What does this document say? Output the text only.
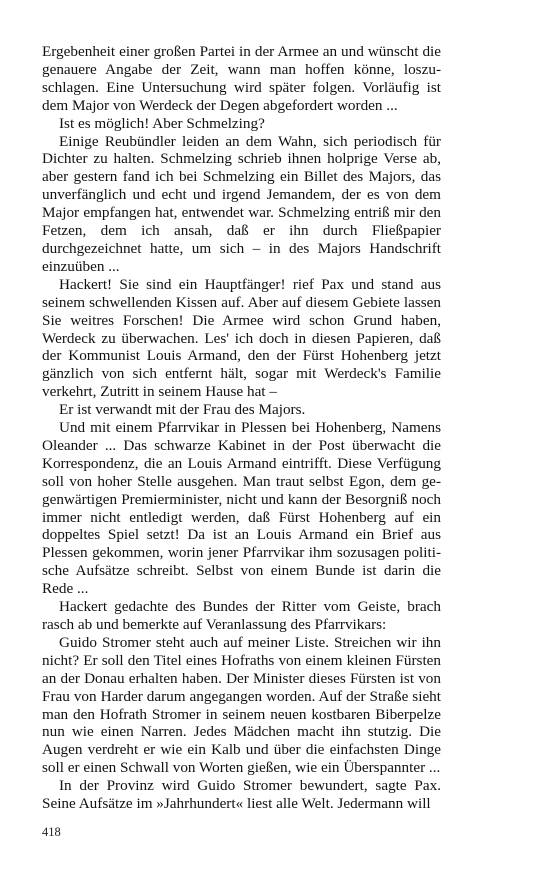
Ergebenheit einer großen Partei in der Armee an und wünscht die genauere Angabe der Zeit, wann man hoffen könne, loszuschlagen. Eine Untersuchung wird später folgen. Vorläufig ist dem Major von Werdeck der Degen abgefordert worden ...

Ist es möglich! Aber Schmelzing?

Einige Reubündler leiden an dem Wahn, sich periodisch für Dichter zu halten. Schmelzing schrieb ihnen holprige Verse ab, aber gestern fand ich bei Schmelzing ein Billet des Majors, das unverfänglich und echt und irgend Jemandem, der es von dem Major empfangen hat, entwendet war. Schmelzing entriß mir den Fetzen, dem ich ansah, daß er ihn durch Fließpapier durchgezeichnet hatte, um sich – in des Majors Handschrift einzuüben ...

Hackert! Sie sind ein Hauptfänger! rief Pax und stand aus seinem schwellenden Kissen auf. Aber auf diesem Gebiete lassen Sie weitres Forschen! Die Armee wird schon Grund haben, Werdeck zu überwachen. Les' ich doch in diesen Papieren, daß der Kommunist Louis Armand, den der Fürst Hohenberg jetzt gänzlich von sich entfernt hält, sogar mit Werdeck's Familie verkehrt, Zutritt in seinem Hause hat –

Er ist verwandt mit der Frau des Majors.

Und mit einem Pfarrvikar in Plessen bei Hohenberg, Namens Oleander ... Das schwarze Kabinet in der Post überwacht die Korrespondenz, die an Louis Armand eintrifft. Diese Verfügung soll von hoher Stelle ausgehen. Man traut selbst Egon, dem gegenwärtigen Premierminister, nicht und kann der Besorgniß noch immer nicht entledigt werden, daß Fürst Hohenberg auf ein doppeltes Spiel setzt! Da ist an Louis Armand ein Brief aus Plessen gekommen, worin jener Pfarrvikar ihm sozusagen politische Aufsätze schreibt. Selbst von einem Bunde ist darin die Rede ...

Hackert gedachte des Bundes der Ritter vom Geiste, brach rasch ab und bemerkte auf Veranlassung des Pfarrvikars:

Guido Stromer steht auch auf meiner Liste. Streichen wir ihn nicht? Er soll den Titel eines Hofraths von einem kleinen Fürsten an der Donau erhalten haben. Der Minister dieses Fürsten ist von Frau von Harder darum angegangen worden. Auf der Straße sieht man den Hofrath Stromer in seinem neuen kostbaren Biberpelze nun wie einen Narren. Jedes Mädchen macht ihn stutzig. Die Augen verdreht er wie ein Kalb und über die einfachsten Dinge soll er einen Schwall von Worten gießen, wie ein Überspannter ...

In der Provinz wird Guido Stromer bewundert, sagte Pax. Seine Aufsätze im »Jahrhundert« liest alle Welt. Jedermann will

418
